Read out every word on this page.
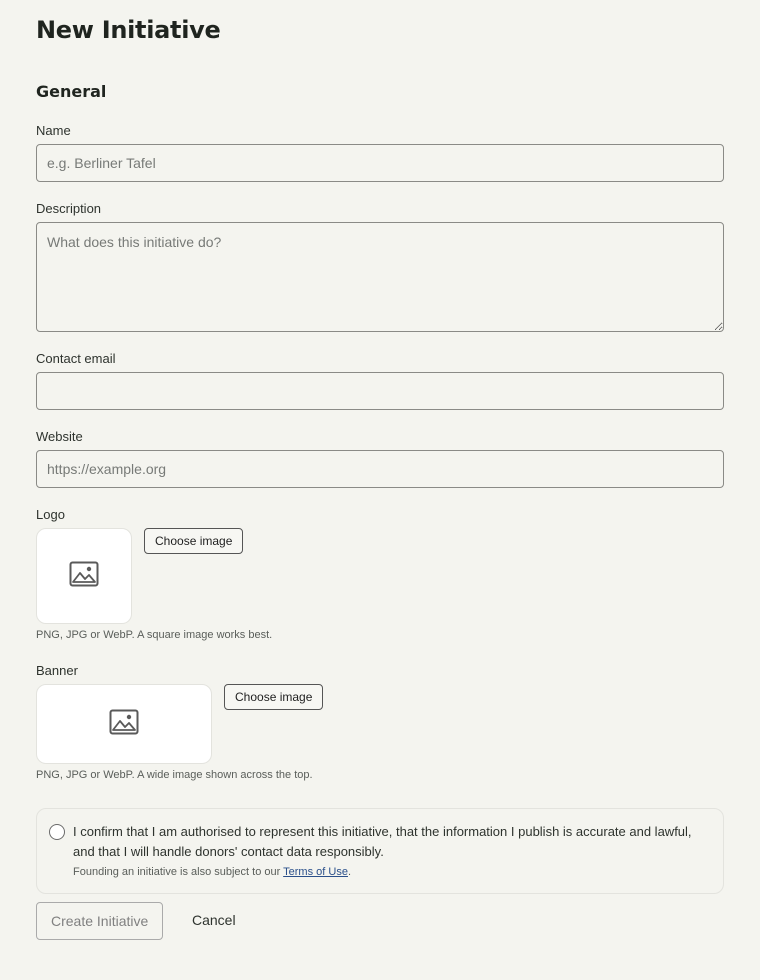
New Initiative
General
Name
e.g. Berliner Tafel
Description
What does this initiative do?
Contact email
Website
https://example.org
Logo
Choose image
PNG, JPG or WebP. A square image works best.
Banner
Choose image
PNG, JPG or WebP. A wide image shown across the top.
I confirm that I am authorised to represent this initiative, that the information I publish is accurate and lawful, and that I will handle donors' contact data responsibly.
Founding an initiative is also subject to our Terms of Use.
Create Initiative	Cancel
